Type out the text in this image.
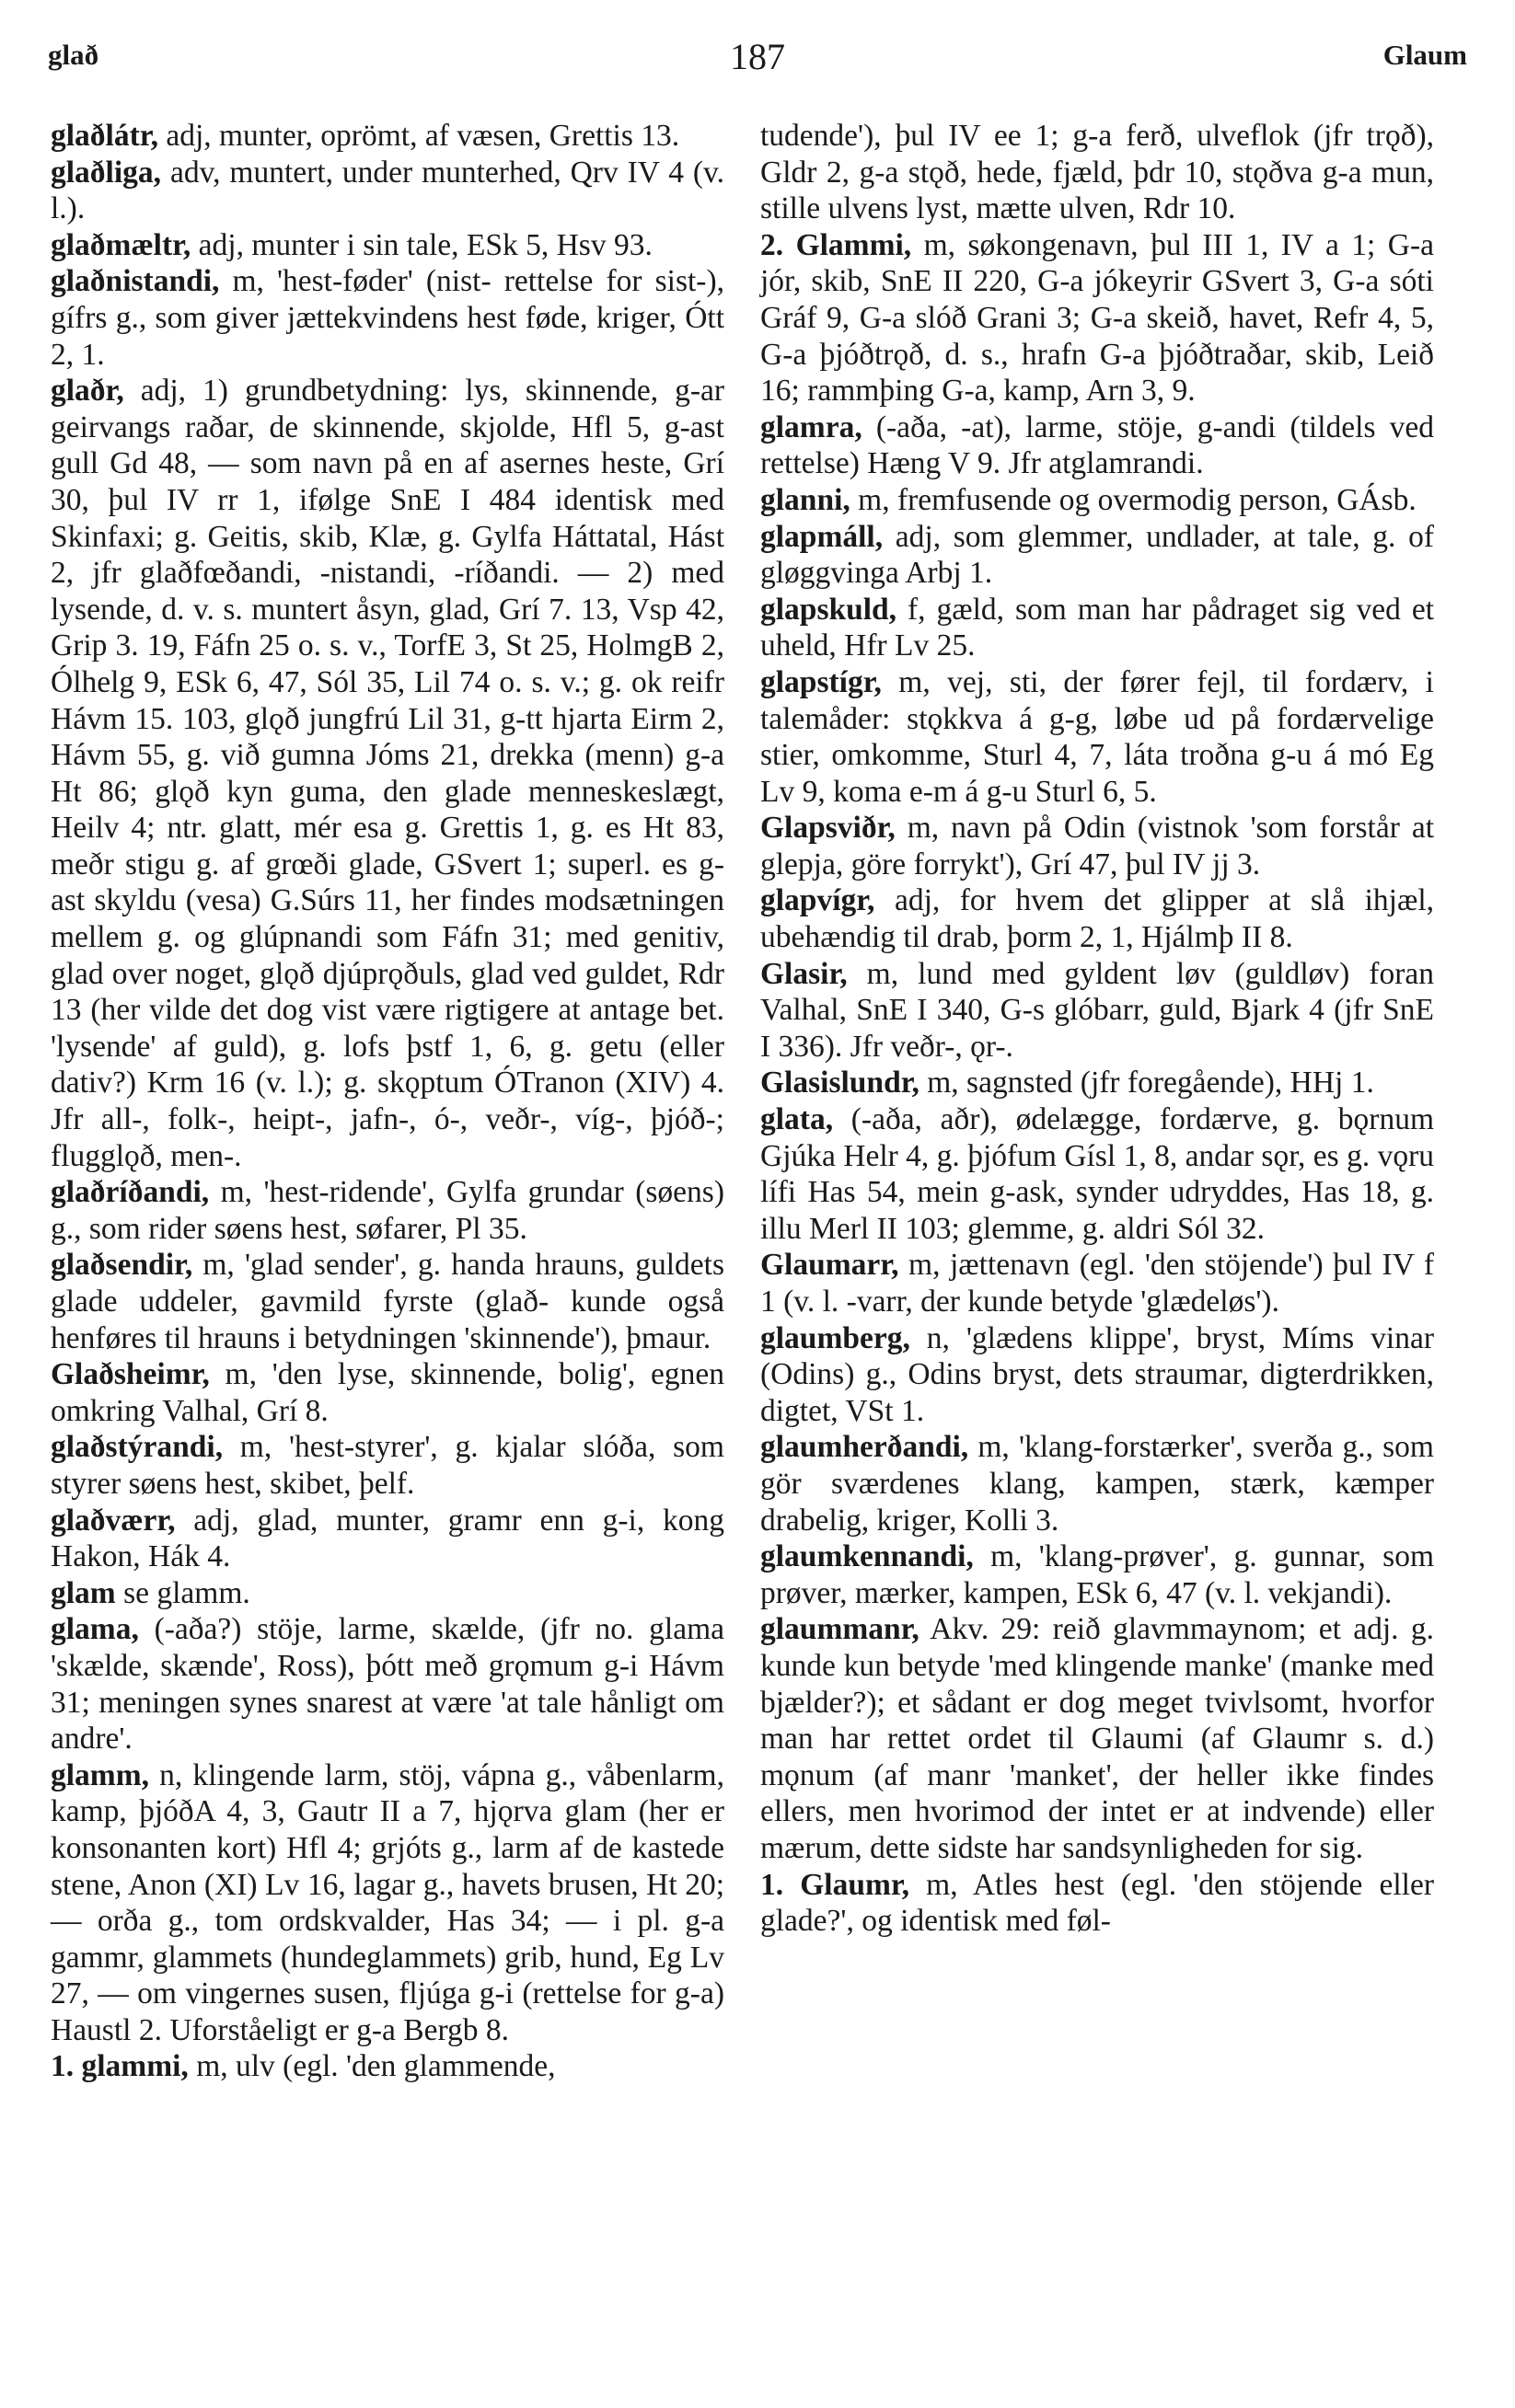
glað	187	Glaum

glaðlátr, adj, munter, oprömt, af væsen, Grettis 13.

glaðliga, adv, muntert, under munterhed, Qrv IV 4 (v. l.).

glaðmæltr, adj, munter i sin tale, ESk 5, Hsv 93.

glaðnistandi, m, 'hest-føder' (nist- rettelse for sist-), gífrs g., som giver jættekvindens hest føde, kriger, Ótt 2, 1.

glaðr, adj, 1) grundbetydning: lys, skinnende, g-ar geirvangs raðar, de skinnende, skjolde, Hfl 5, g-ast gull Gd 48, — som navn på en af asernes heste, Grí 30, þul IV rr 1, ifølge SnE I 484 identisk med Skinfaxi; g. Geitis, skib, Klæ, g. Gylfa Háttatal, Hást 2, jfr glaðfœðandi, -nistandi, -ríðandi. — 2) med lysende, d. v. s. muntert åsyn, glad, Grí 7. 13, Vsp 42, Grip 3. 19, Fáfn 25 o. s. v., TorfE 3, St 25, HolmgB 2, Ólhelg 9, ESk 6, 47, Sól 35, Lil 74 o. s. v.; g. ok reifr Hávm 15. 103, glǫð jungfrú Lil 31, g-tt hjarta Eirm 2, Hávm 55, g. við gumna Jóms 21, drekka (menn) g-a Ht 86; glǫð kyn guma, den glade menneskeslægt, Heilv 4; ntr. glatt, mér esa g. Grettis 1, g. es Ht 83, meðr stigu g. af grœði glade, GSvert 1; superl. es g-ast skyldu (vesa) G.Súrs 11, her findes modsætningen mellem g. og glúpnandi som Fáfn 31; med genitiv, glad over noget, glǫð djúprǫðuls, glad ved guldet, Rdr 13 (her vilde det dog vist være rigtigere at antage bet. 'lysende' af guld), g. lofs þstf 1, 6, g. getu (eller dativ?) Krm 16 (v. l.); g. skǫptum ÓTranon (XIV) 4. Jfr all-, folk-, heipt-, jafn-, ó-, veðr-, víg-, þjóð-; flugglǫð, men-.

glaðríðandi, m, 'hest-ridende', Gylfa grundar (søens) g., som rider søens hest, søfarer, Pl 35.

glaðsendir, m, 'glad sender', g. handa hrauns, guldets glade uddeler, gavmild fyrste (glað- kunde også henføres til hrauns i betydningen 'skinnende'), þmaur.

Glaðsheimr, m, 'den lyse, skinnende, bolig', egnen omkring Valhal, Grí 8.

glaðstýrandi, m, 'hest-styrer', g. kjalar slóða, som styrer søens hest, skibet, þelf.

glaðværr, adj, glad, munter, gramr enn g-i, kong Hakon, Hák 4.

glam se glamm.

glama, (-aða?) stöje, larme, skælde, (jfr no. glama 'skælde, skænde', Ross), þótt með grǫmum g-i Hávm 31; meningen synes snarest at være 'at tale hånligt om andre'.

glamm, n, klingende larm, stöj, vápna g., våbenlarm, kamp, þjóðA 4, 3, Gautr II a 7, hjǫrva glam (her er konsonanten kort) Hfl 4; grjóts g., larm af de kastede stene, Anon (XI) Lv 16, lagar g., havets brusen, Ht 20; — orða g., tom ordskvalder, Has 34; — i pl. g-a gammr, glammets (hundeglammets) grib, hund, Eg Lv 27, — om vingernes susen, fljúga g-i (rettelse for g-a) Haustl 2. Uforståeligt er g-a Bergb 8.

1. glammi, m, ulv (egl. 'den glammende,

tudende'), þul IV ee 1; g-a ferð, ulveflok (jfr trǫð), Gldr 2, g-a stǫð, hede, fjæld, þdr 10, stǫðva g-a mun, stille ulvens lyst, mætte ulven, Rdr 10.

2. Glammi, m, søkongenavn, þul III 1, IV a 1; G-a jór, skib, SnE II 220, G-a jókeyrir GSvert 3, G-a sóti Gráf 9, G-a slóð Grani 3; G-a skeið, havet, Refr 4, 5, G-a þjóðtrǫð, d. s., hrafn G-a þjóðtraðar, skib, Leið 16; rammþing G-a, kamp, Arn 3, 9.

glamra, (-aða, -at), larme, stöje, g-andi (tildels ved rettelse) Hæng V 9. Jfr atglamrandi.

glanni, m, fremfusende og overmodig person, GÁsb.

glapmáll, adj, som glemmer, undlader, at tale, g. of gløggvinga Arbj 1.

glapskuld, f, gæld, som man har pådraget sig ved et uheld, Hfr Lv 25.

glapstígr, m, vej, sti, der fører fejl, til fordærv, i talemåder: stǫkkva á g-g, løbe ud på fordærvelige stier, omkomme, Sturl 4, 7, láta troðna g-u á mó Eg Lv 9, koma e-m á g-u Sturl 6, 5.

Glapsviðr, m, navn på Odin (vistnok 'som forstår at glepja, göre forrykt'), Grí 47, þul IV jj 3.

glapvígr, adj, for hvem det glipper at slå ihjæl, ubehændig til drab, þorm 2, 1, Hjálmþ II 8.

Glasir, m, lund med gyldent løv (guldløv) foran Valhal, SnE I 340, G-s glóbarr, guld, Bjark 4 (jfr SnE I 336). Jfr veðr-, ǫr-.

Glasislundr, m, sagnsted (jfr foregående), HHj 1.

glata, (-aða, aðr), ødelægge, fordærve, g. bǫrnum Gjúka Helr 4, g. þjófum Gísl 1, 8, andar sǫr, es g. vǫru lífi Has 54, mein g-ask, synder udryddes, Has 18, g. illu Merl II 103; glemme, g. aldri Sól 32.

Glaumarr, m, jættenavn (egl. 'den stöjende') þul IV f 1 (v. l. -varr, der kunde betyde 'glædeløs').

glaumberg, n, 'glædens klippe', bryst, Míms vinar (Odins) g., Odins bryst, dets straumar, digterdrikken, digtet, VSt 1.

glaumherðandi, m, 'klang-forstærker', sverða g., som gör sværdenes klang, kampen, stærk, kæmper drabelig, kriger, Kolli 3.

glaumkennandi, m, 'klang-prøver', g. gunnar, som prøver, mærker, kampen, ESk 6, 47 (v. l. vekjandi).

glaummanr, Akv. 29: reið glavmmaynom; et adj. g. kunde kun betyde 'med klingende manke' (manke med bjælder?); et sådant er dog meget tvivlsomt, hvorfor man har rettet ordet til Glaumi (af Glaumr s. d.) mǫnum (af manr 'manket', der heller ikke findes ellers, men hvorimod der intet er at indvende) eller mærum, dette sidste har sandsynligheden for sig.

1. Glaumr, m, Atles hest (egl. 'den stöjende eller glade?', og identisk med føl-
